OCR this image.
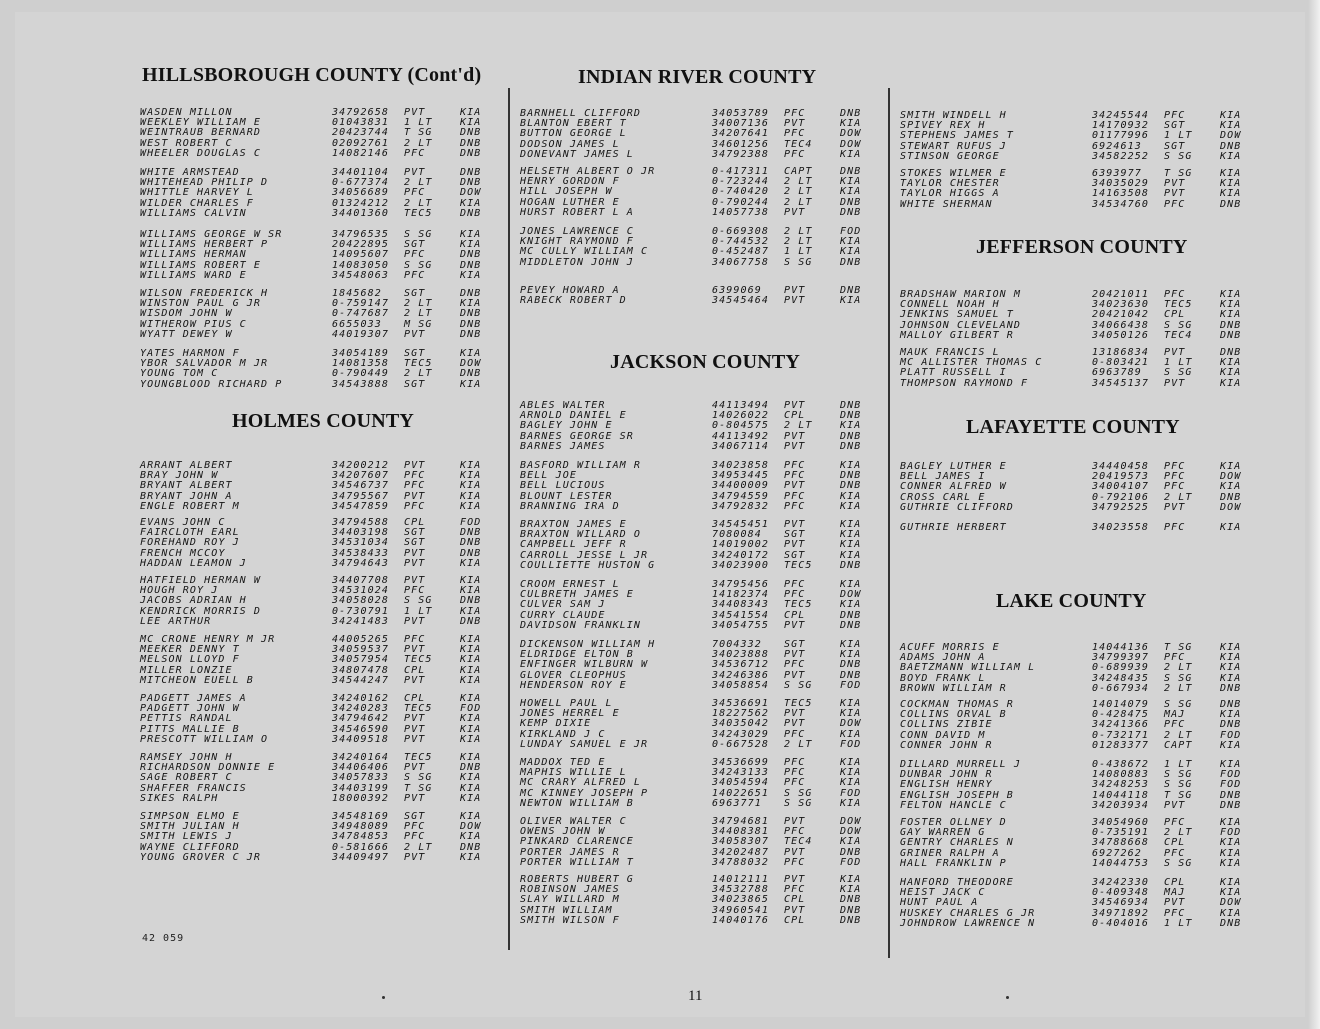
HILLSBOROUGH COUNTY (Cont'd)
WASDEN MILLON	34792658 PVT	KIA
WEEKLEY WILLIAM E	01043831 1 LT	KIA
WEINTRAUB BERNARD	20423744 T SG	DNB
WEST ROBERT C	02092761 2 LT	DNB
WHEELER DOUGLAS C	14082146 PFC	DNB
WHITE ARMSTEAD	34401104 PVT	DNB
WHITEHEAD PHILIP D	0-677374 2 LT	DNB
WHITTLE HARVEY L	34056689 PFC	DOW
WILDER CHARLES F	01324212 2 LT	KIA
WILLIAMS CALVIN	34401360 TEC5	DNB
WILLIAMS GEORGE W SR	34796535 S SG	KIA
WILLIAMS HERBERT P	20422895 SGT	KIA
WILLIAMS HERMAN	14095607 PFC	DNB
WILLIAMS ROBERT E	14083050 S SG	DNB
WILLIAMS WARD E	34548063 PFC	KIA
WILSON FREDERICK H	1845682 SGT	DNB
WINSTON PAUL G JR	0-759147 2 LT	KIA
WISDOM JOHN W	0-747687 2 LT	DNB
WITHEROW PIUS C	6655033 M SG	DNB
WYATT DEWEY W	44019307 PVT	DNB
YATES HARMON F	34054189 SGT	KIA
YBOR SALVADOR M JR	14081358 TEC5	DOW
YOUNG TOM C	0-790449 2 LT	DNB
YOUNGBLOOD RICHARD P	34543888 SGT	KIA
HOLMES COUNTY
ARRANT ALBERT	34200212 PVT	KIA
BRAY JOHN W	34207607 PFC	KIA
BRYANT ALBERT	34546737 PFC	KIA
BRYANT JOHN A	34795567 PVT	KIA
ENGLE ROBERT M	34547859 PFC	KIA
EVANS JOHN C	34794588 CPL	FOD
FAIRCLOTH EARL	34403198 SGT	DNB
FOREHAND ROY J	34531034 SGT	DNB
FRENCH MCCOY	34538433 PVT	DNB
HADDAN LEAMON J	34794643 PVT	KIA
HATFIELD HERMAN W	34407708 PVT	KIA
HOUGH ROY J	34531024 PFC	KIA
JACOBS ADRIAN H	34058028 S SG	DNB
KENDRICK MORRIS D	0-730791 1 LT	KIA
LEE ARTHUR	34241483 PVT	DNB
MC CRONE HENRY M JR	44005265 PFC	KIA
MEEKER DENNY T	34059537 PVT	KIA
MELSON LLOYD F	34057954 TEC5	KIA
MILLER LONZIE	34807478 CPL	KIA
MITCHEON EUELL B	34544247 PVT	KIA
PADGETT JAMES A	34240162 CPL	KIA
PADGETT JOHN W	34240283 TEC5	FOD
PETTIS RANDAL	34794642 PVT	KIA
PITTS MALLIE B	34546590 PVT	KIA
PRESCOTT WILLIAM O	34409518 PVT	KIA
RAMSEY JOHN H	34240164 TEC5	KIA
RICHARDSON DONNIE E	34406406 PVT	DNB
SAGE ROBERT C	34057833 S SG	KIA
SHAFFER FRANCIS	34403199 T SG	KIA
SIKES RALPH	18000392 PVT	KIA
SIMPSON ELMO E	34548169 SGT	KIA
SMITH JULIAN H	34948089 PFC	DOW
SMITH LEWIS J	34784853 PFC	KIA
WAYNE CLIFFORD	0-581666 2 LT	DNB
YOUNG GROVER C JR	34409497 PVT	KIA
INDIAN RIVER COUNTY
BARNHELL CLIFFORD	34053789 PFC	DNB
BLANTON EBERT T	34007136 PVT	KIA
BUTTON GEORGE L	34207641 PFC	DOW
DODSON JAMES L	34601256 TEC4	DOW
DONEVANT JAMES L	34792388 PFC	KIA
HELSETH ALBERT O JR	0-417311 CAPT	DNB
HENRY GORDON F	0-723244 2 LT	KIA
HILL JOSEPH W	0-740420 2 LT	KIA
HOGAN LUTHER E	0-790244 2 LT	DNB
HURST ROBERT L A	14057738 PVT	DNB
JONES LAWRENCE C	0-669308 2 LT	FOD
KNIGHT RAYMOND F	0-744532 2 LT	KIA
MC CULLY WILLIAM C	0-452487 1 LT	KIA
MIDDLETON JOHN J	34067758 S SG	DNB
PEVEY HOWARD A	6399069 PVT	DNB
RABECK ROBERT D	34545464 PVT	KIA
JACKSON COUNTY
ABLES WALTER	44113494 PVT	DNB
ARNOLD DANIEL E	14026022 CPL	DNB
BAGLEY JOHN E	0-804575 2 LT	KIA
BARNES GEORGE SR	44113492 PVT	DNB
BARNES JAMES	34067114 PVT	DNB
BASFORD WILLIAM R	34023858 PFC	KIA
BELL JOE	34953445 PFC	DNB
BELL LUCIOUS	34400009 PVT	DNB
BLOUNT LESTER	34794559 PFC	KIA
BRANNING IRA D	34792832 PFC	KIA
BRAXTON JAMES E	34545451 PVT	KIA
BRAXTON WILLARD O	7080084 SGT	KIA
CAMPBELL JEFF R	14019002 PVT	KIA
CARROLL JESSE L JR	34240172 SGT	KIA
COULLIETTE HUSTON G	34023900 TEC5	DNB
CROOM ERNEST L	34795456 PFC	KIA
CULBRETH JAMES E	14182374 PFC	DOW
CULVER SAM J	34408343 TEC5	KIA
CURRY CLAUDE	34541554 CPL	DNB
DAVIDSON FRANKLIN	34054755 PVT	DNB
DICKENSON WILLIAM H	7004332 SGT	KIA
ELDRIDGE ELTON B	34023888 PVT	KIA
ENFINGER WILBURN W	34536712 PFC	DNB
GLOVER CLEOPHUS	34246386 PVT	DNB
HENDERSON ROY E	34058854 S SG	FOD
HOWELL PAUL L	34536691 TEC5	KIA
JONES HERREL E	18227562 PVT	KIA
KEMP DIXIE	34035042 PVT	DOW
KIRKLAND J C	34243029 PFC	KIA
LUNDAY SAMUEL E JR	0-667528 2 LT	FOD
MADDOX TED E	34536699 PFC	KIA
MAPHIS WILLIE L	34243133 PFC	KIA
MC CRARY ALFRED L	34054594 PFC	KIA
MC KINNEY JOSEPH P	14022651 S SG	FOD
NEWTON WILLIAM B	6963771 S SG	KIA
OLIVER WALTER C	34794681 PVT	DOW
OWENS JOHN W	34408381 PFC	DOW
PINKARD CLARENCE	34058307 TEC4	KIA
PORTER JAMES R	34202487 PVT	DNB
PORTER WILLIAM T	34788032 PFC	FOD
ROBERTS HUBERT G	14012111 PVT	KIA
ROBINSON JAMES	34532788 PFC	KIA
SLAY WILLARD M	34023865 CPL	DNB
SMITH WILLIAM	34960541 PVT	DNB
SMITH WILSON F	14040176 CPL	DNB
SMITH WINDELL H	34245544 PFC	KIA
SPIVEY REX H	14170932 SGT	KIA
STEPHENS JAMES T	01177996 1 LT	DOW
STEWART RUFUS J	6924613 SGT	DNB
STINSON GEORGE	34582252 S SG	KIA
STOKES WILMER E	6393977 T SG	KIA
TAYLOR CHESTER	34035029 PVT	KIA
TAYLOR HIGGS A	14163508 PVT	KIA
WHITE SHERMAN	34534760 PFC	DNB
JEFFERSON COUNTY
BRADSHAW MARION M	20421011 PFC	KIA
CONNELL NOAH H	34023630 TEC5	KIA
JENKINS SAMUEL T	20421042 CPL	KIA
JOHNSON CLEVELAND	34066438 S SG	DNB
MALLOY GILBERT R	34050126 TEC4	DNB
MAUK FRANCIS L	13186834 PVT	DNB
MC ALLISTER THOMAS C	0-803421 1 LT	KIA
PLATT RUSSELL I	6963789 S SG	KIA
THOMPSON RAYMOND F	34545137 PVT	KIA
LAFAYETTE COUNTY
BAGLEY LUTHER E	34440458 PFC	KIA
BELL JAMES I	20419573 PFC	DOW
CONNER ALFRED W	34004107 PFC	KIA
CROSS CARL E	0-792106 2 LT	DNB
GUTHRIE CLIFFORD	34792525 PVT	DOW
GUTHRIE HERBERT	34023558 PFC	KIA
LAKE COUNTY
ACUFF MORRIS E	14044136 T SG	KIA
ADAMS JOHN A	34799397 PFC	KIA
BAETZMANN WILLIAM L	0-689939 2 LT	KIA
BOYD FRANK L	34248435 S SG	KIA
BROWN WILLIAM R	0-667934 2 LT	DNB
COCKMAN THOMAS R	14014079 S SG	DNB
COLLINS ORVAL B	0-428475 MAJ	KIA
COLLINS ZIBIE	34241366 PFC	DNB
CONN DAVID M	0-732171 2 LT	FOD
CONNER JOHN R	01283377 CAPT	KIA
DILLARD MURRELL J	0-438672 1 LT	KIA
DUNBAR JOHN R	14080883 S SG	FOD
ENGLISH HENRY	34248253 S SG	FOD
ENGLISH JOSEPH B	14044118 T SG	DNB
FELTON HANCLE C	34203934 PVT	DNB
FOSTER OLLNEY D	34054960 PFC	KIA
GAY WARREN G	0-735191 2 LT	FOD
GENTRY CHARLES N	34788668 CPL	KIA
GRINER RALPH A	6927262 PFC	KIA
HALL FRANKLIN P	14044753 S SG	KIA
HANFORD THEODORE	34242330 CPL	KIA
HEIST JACK C	0-409348 MAJ	KIA
HUNT PAUL A	34546934 PVT	DOW
HUSKEY CHARLES G JR	34971892 PFC	KIA
JOHNDROW LAWRENCE N	0-404016 1 LT	DNB
42 059
11
